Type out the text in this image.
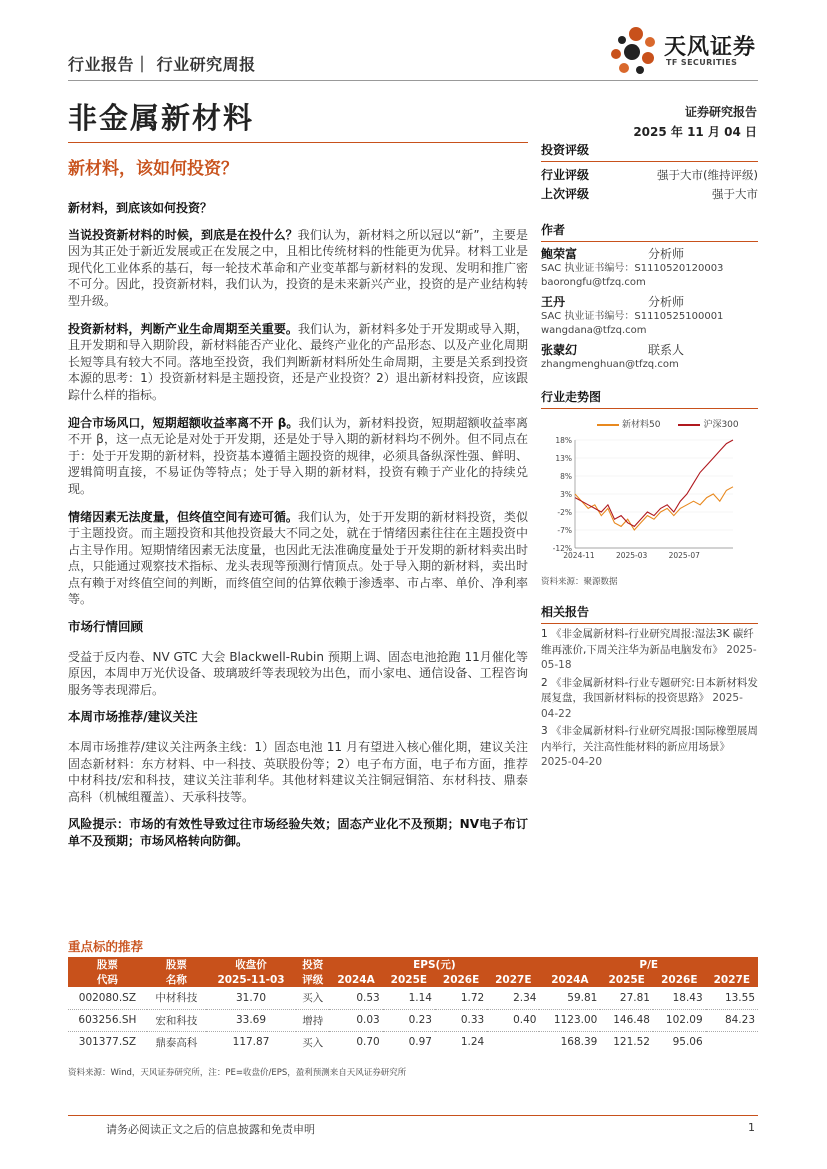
行业报告｜ 行业研究周报
天风证券
TF SECURITIES
非金属新材料	证券研究报告
2025 年 11 月 04 日
新材料，该如何投资？
新材料，到底该如何投资？

当说投资新材料的时候，到底是在投什么？我们认为，新材料之所以冠以“新”，主要是因为其正处于新近发展或正在发展之中，且相比传统材料的性能更为优异。材料工业是现代化工业体系的基石，每一轮技术革命和产业变革都与新材料的发现、发明和推广密不可分。因此，投资新材料，我们认为，投资的是未来新兴产业，投资的是产业结构转型升级。

投资新材料，判断产业生命周期至关重要。我们认为，新材料多处于开发期或导入期，且开发期和导入期阶段，新材料能否产业化、最终产业化的产品形态、以及产业化周期长短等具有较大不同。落地至投资，我们判断新材料所处生命周期，主要是关系到投资本源的思考：1）投资新材料是主题投资，还是产业投资？2）退出新材料投资，应该跟踪什么样的指标。

迎合市场风口，短期超额收益率离不开 β。我们认为，新材料投资，短期超额收益率离不开 β，这一点无论是对处于开发期，还是处于导入期的新材料均不例外。但不同点在于：处于开发期的新材料，投资基本遵循主题投资的规律，必须具备纵深性强、鲜明、逻辑简明直接，不易证伪等特点；处于导入期的新材料，投资有赖于产业化的持续兑现。

情绪因素无法度量，但终值空间有迹可循。我们认为，处于开发期的新材料投资，类似于主题投资。而主题投资和其他投资最大不同之处，就在于情绪因素往往在主题投资中占主导作用。短期情绪因素无法度量，也因此无法准确度量处于开发期的新材料卖出时点，只能通过观察技术指标、龙头表现等预测行情顶点。处于导入期的新材料，卖出时点有赖于对终值空间的判断，而终值空间的估算依赖于渗透率、市占率、单价、净利率等。

市场行情回顾

受益于反内卷、NV GTC 大会 Blackwell-Rubin 预期上调、固态电池抢跑 11月催化等原因，本周申万光伏设备、玻璃玻纤等表现较为出色，而小家电、通信设备、工程咨询服务等表现滞后。

本周市场推荐/建议关注

本周市场推荐/建议关注两条主线：1）固态电池 11 月有望进入核心催化期，建议关注固态新材料：东方材料、中一科技、英联股份等；2）电子布方面，电子布方面，推荐中材科技/宏和科技，建议关注菲利华。其他材料建议关注铜冠铜箔、东材科技、鼎泰高科（机械组覆盖）、天承科技等。

风险提示：市场的有效性导致过往市场经验失效；固态产业化不及预期；NV电子布订单不及预期；市场风格转向防御。

投资评级
行业评级	强于大市(维持评级)
上次评级	强于大市
作者
鲍荣富	分析师
SAC 执业证书编号：S1110520120003
baorongfu@tfzq.com
王丹	分析师
SAC 执业证书编号：S1110525100001
wangdana@tfzq.com
张蒙幻	联系人
zhangmenghuan@tfzq.com
行业走势图
新材料50	沪深300
18%
13%
8%
3%
-2%
-7%
-12%
2024-11	2025-03	2025-07
资料来源：聚源数据
相关报告
1 《非金属新材料-行业研究周报:湿法3K 碳纤维再涨价,下周关注华为新品电脑发布》 2025-05-18
2 《非金属新材料-行业专题研究:日本新材料发展复盘，我国新材料标的投资思路》 2025-04-22
3 《非金属新材料-行业研究周报:国际橡塑展周内举行，关注高性能材料的新应用场景》 2025-04-20
重点标的推荐
股票	股票	收盘价	投资	EPS(元)				P/E			
代码	名称	2025-11-03	评级	2024A	2025E	2026E	2027E	2024A	2025E	2026E	2027E
002080.SZ	中材科技	31.70	买入	0.53	1.14	1.72	2.34	59.81	27.81	18.43	13.55
603256.SH	宏和科技	33.69	增持	0.03	0.23	0.33	0.40	1123.00	146.48	102.09	84.23
301377.SZ	鼎泰高科	117.87	买入	0.70	0.97	1.24		168.39	121.52	95.06	
资料来源：Wind，天风证券研究所，注：PE=收盘价/EPS，盈利预测来自天风证券研究所
请务必阅读正文之后的信息披露和免责申明	1
